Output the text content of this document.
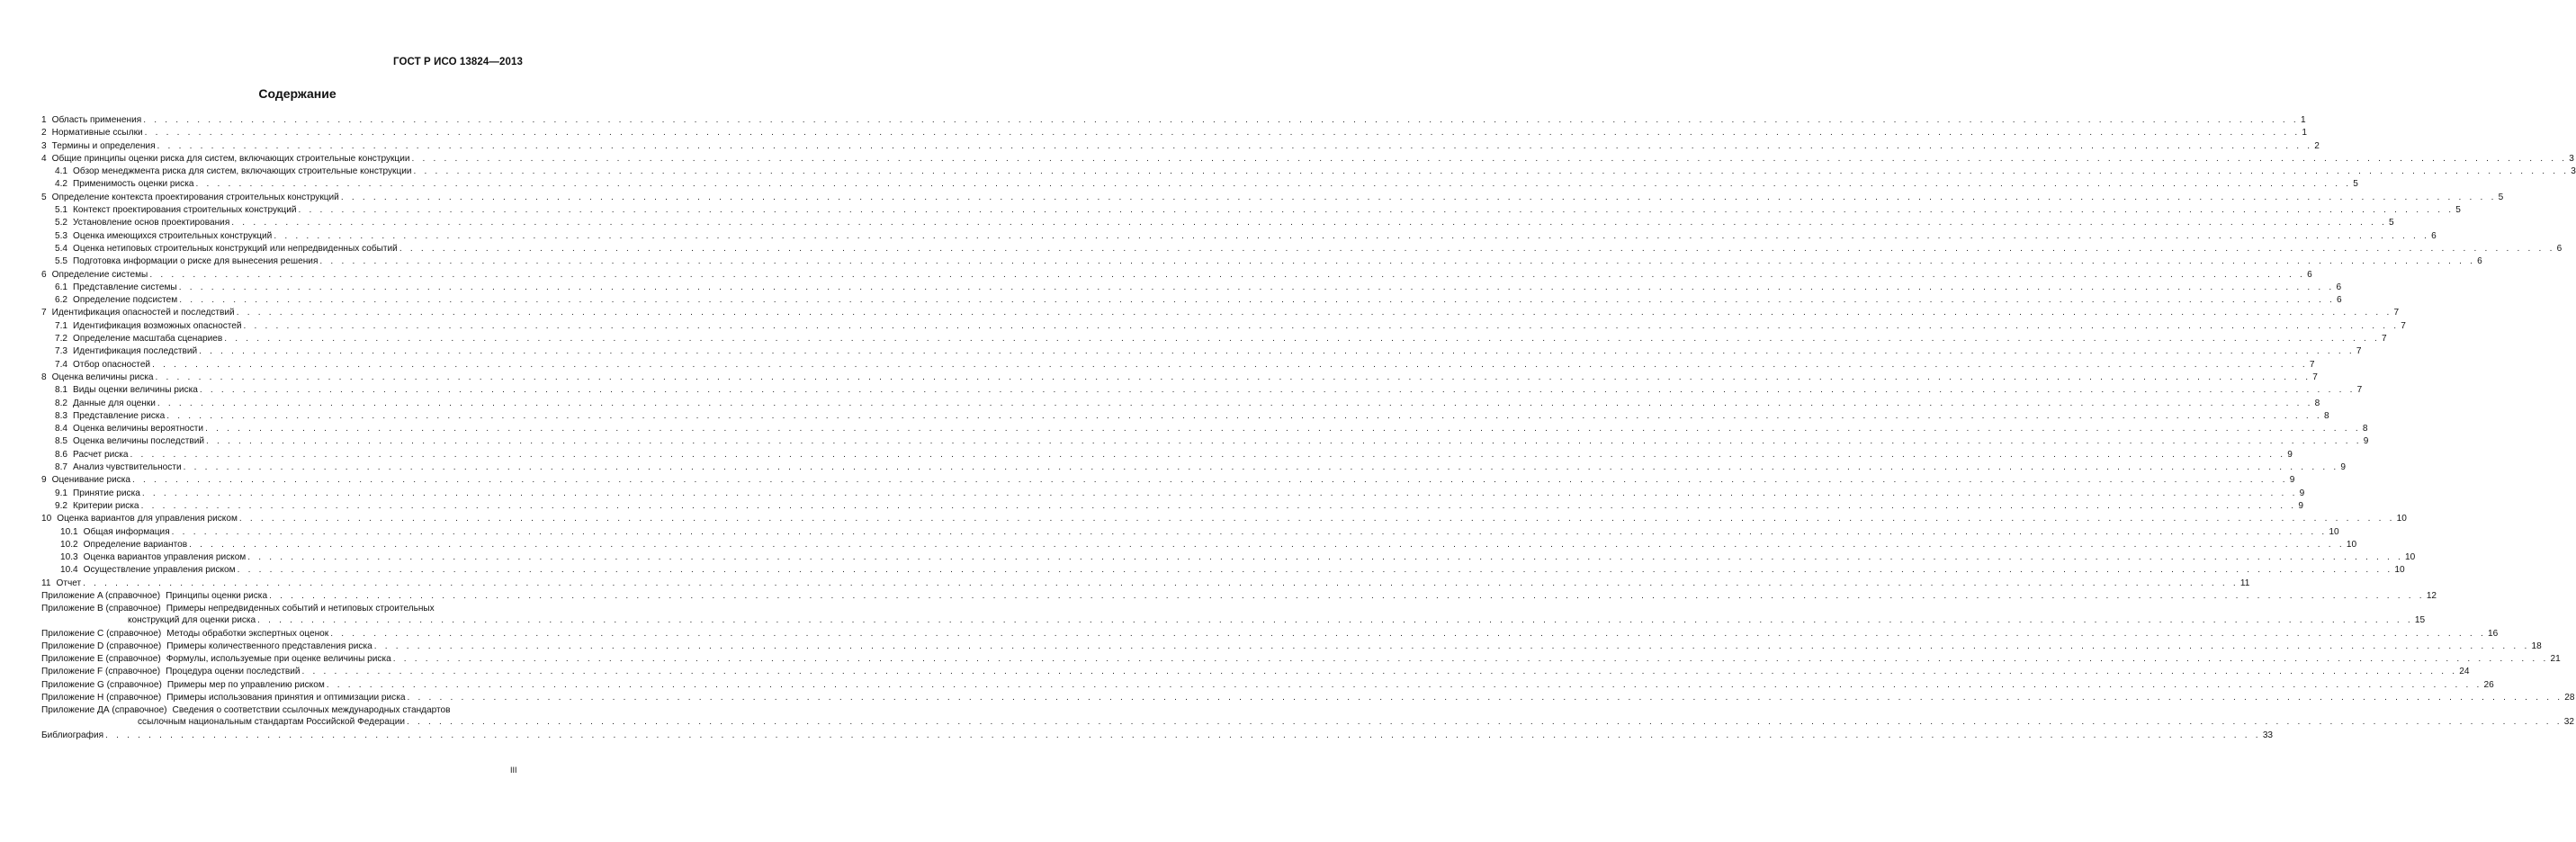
ГОСТ Р ИСО 13824—2013
Содержание
1 Область применения . . . . . . . . . . . . . . . . . . . . . . . . . . . . . . . . . . . . . . . . . . . . . . . . . . . . . . . . . . . . . . . . . . . . . . . . . . . . . . . . . . . . . . . . . . . . . . . . . . . . . . . . . . . . . . . . . . . . . . . . . . . . . . . . . . . . . . . . . . . . . . . . . . . . . . . . . . . . . . . . . . . . . . . . . . . . . . . . . . . . . . . . . . . . . . . . . . . . . . . . 1
2 Нормативные ссылки . . . . . . . . . . . . . . . . . . . . . . . . . . . . . . . . . . . . . . . . . . . . . . . . . . . . . . . . . . . . . . . . . . . . . . . . . . . . . . . . . . . . . . . . . . . . . . . . . . . . . . . . . . . . . . . . . . . . . . . . . . . . . . . . . . . . . . . . . . . . . . . . . . . . . . . . . . . . . . . . . . . . . . . . . . . . . . . . . . . . . . . . . . . . . . . . . . . . . . . . 1
3 Термины и определения . . . . . . . . . . . . . . . . . . . . . . . . . . . . . . . . . . . . . . . . . . . . . . . . . . . . . . . . . . . . . . . . . . . . . . . . . . . . . . . . . . . . . . . . . . . . . . . . . . . . . . . . . . . . . . . . . . . . . . . . . . . . . . . . . . . . . . . . . . . . . . . . . . . . . . . . . . . . . . . . . . . . . . . . . . . . . . . . . . . . . . . . . . . . . . . . . . . . . . . . 2
4 Общие принципы оценки риска для систем, включающих строительные конструкции . . . . . . . . . . . . . . . . . . . . . . . . . . . . . . . . . . . . . . . . . . . . . . . . . . . . . . . . . . . . . . . . . . . . . . . . . . . . . . . . . . . . . . . . . . . . . . . . . . . . . . . . . . . . . . . . . . . . . . . . . . . . . . . . . . . . . . . . . . . . . . . . . . . . . . . . . . . . . . . . . . . . . . . . . . . . . . . . . . . . . . . . . . . . . . . . . . . . . . . . 3
4.1 Обзор менеджмента риска для систем, включающих строительные конструкции . . . . . . . . . . . . . . . . . . . . . . . . . . . . . . . . . . . . . . . . . . . . . . . . . . . . . . . . . . . . . . . . . . . . . . . . . . . . . . . . . . . . . . . . . . . . . . . . . . . . . . . . . . . . . . . . . . . . . . . . . . . . . . . . . . . . . . . . . . . . . . . . . . . . . . . . . . . . . . . . . . . . . . . . . . . . . . . . . . . . . . . . . . . . . . . . . . . . . . . . 3
4.2 Применимость оценки риска . . . . . . . . . . . . . . . . . . . . . . . . . . . . . . . . . . . . . . . . . . . . . . . . . . . . . . . . . . . . . . . . . . . . . . . . . . . . . . . . . . . . . . . . . . . . . . . . . . . . . . . . . . . . . . . . . . . . . . . . . . . . . . . . . . . . . . . . . . . . . . . . . . . . . . . . . . . . . . . . . . . . . . . . . . . . . . . . . . . . . . . . . . . . . . . . . . . . . . . . 5
5 Определение контекста проектирования строительных конструкций . . . . . . . . . . . . . . . . . . . . . . . . . . . . . . . . . . . . . . . . . . . . . . . . . . . . . . . . . . . . . . . . . . . . . . . . . . . . . . . . . . . . . . . . . . . . . . . . . . . . . . . . . . . . . . . . . . . . . . . . . . . . . . . . . . . . . . . . . . . . . . . . . . . . . . . . . . . . . . . . . . . . . . . . . . . . . . . . . . . . . . . . . . . . . . . . . . . . . . . . 5
5.1 Контекст проектирования строительных конструкций . . . . . . . . . . . . . . . . . . . . . . . . . . . . . . . . . . . . . . . . . . . . . . . . . . . . . . . . . . . . . . . . . . . . . . . . . . . . . . . . . . . . . . . . . . . . . . . . . . . . . . . . . . . . . . . . . . . . . . . . . . . . . . . . . . . . . . . . . . . . . . . . . . . . . . . . . . . . . . . . . . . . . . . . . . . . . . . . . . . . . . . . . . . . . . . . . . . . . . . . 5
5.2 Установление основ проектирования . . . . . . . . . . . . . . . . . . . . . . . . . . . . . . . . . . . . . . . . . . . . . . . . . . . . . . . . . . . . . . . . . . . . . . . . . . . . . . . . . . . . . . . . . . . . . . . . . . . . . . . . . . . . . . . . . . . . . . . . . . . . . . . . . . . . . . . . . . . . . . . . . . . . . . . . . . . . . . . . . . . . . . . . . . . . . . . . . . . . . . . . . . . . . . . . . . . . . . . . 5
5.3 Оценка имеющихся строительных конструкций . . . . . . . . . . . . . . . . . . . . . . . . . . . . . . . . . . . . . . . . . . . . . . . . . . . . . . . . . . . . . . . . . . . . . . . . . . . . . . . . . . . . . . . . . . . . . . . . . . . . . . . . . . . . . . . . . . . . . . . . . . . . . . . . . . . . . . . . . . . . . . . . . . . . . . . . . . . . . . . . . . . . . . . . . . . . . . . . . . . . . . . . . . . . . . . . . . . . . . . . 6
5.4 Оценка нетиповых строительных конструкций или непредвиденных событий . . . . . . . . . . . . . . . . . . . . . . . . . . . . . . . . . . . . . . . . . . . . . . . . . . . . . . . . . . . . . . . . . . . . . . . . . . . . . . . . . . . . . . . . . . . . . . . . . . . . . . . . . . . . . . . . . . . . . . . . . . . . . . . . . . . . . . . . . . . . . . . . . . . . . . . . . . . . . . . . . . . . . . . . . . . . . . . . . . . . . . . . . . . . . . . . . . . . . . . . 6
5.5 Подготовка информации о риске для вынесения решения . . . . . . . . . . . . . . . . . . . . . . . . . . . . . . . . . . . . . . . . . . . . . . . . . . . . . . . . . . . . . . . . . . . . . . . . . . . . . . . . . . . . . . . . . . . . . . . . . . . . . . . . . . . . . . . . . . . . . . . . . . . . . . . . . . . . . . . . . . . . . . . . . . . . . . . . . . . . . . . . . . . . . . . . . . . . . . . . . . . . . . . . . . . . . . . . . . . . . . . . 6
6 Определение системы . . . . . . . . . . . . . . . . . . . . . . . . . . . . . . . . . . . . . . . . . . . . . . . . . . . . . . . . . . . . . . . . . . . . . . . . . . . . . . . . . . . . . . . . . . . . . . . . . . . . . . . . . . . . . . . . . . . . . . . . . . . . . . . . . . . . . . . . . . . . . . . . . . . . . . . . . . . . . . . . . . . . . . . . . . . . . . . . . . . . . . . . . . . . . . . . . . . . . . . . 6
6.1 Представление системы . . . . . . . . . . . . . . . . . . . . . . . . . . . . . . . . . . . . . . . . . . . . . . . . . . . . . . . . . . . . . . . . . . . . . . . . . . . . . . . . . . . . . . . . . . . . . . . . . . . . . . . . . . . . . . . . . . . . . . . . . . . . . . . . . . . . . . . . . . . . . . . . . . . . . . . . . . . . . . . . . . . . . . . . . . . . . . . . . . . . . . . . . . . . . . . . . . . . . . . . 6
6.2 Определение подсистем . . . . . . . . . . . . . . . . . . . . . . . . . . . . . . . . . . . . . . . . . . . . . . . . . . . . . . . . . . . . . . . . . . . . . . . . . . . . . . . . . . . . . . . . . . . . . . . . . . . . . . . . . . . . . . . . . . . . . . . . . . . . . . . . . . . . . . . . . . . . . . . . . . . . . . . . . . . . . . . . . . . . . . . . . . . . . . . . . . . . . . . . . . . . . . . . . . . . . . . . 6
7 Идентификация опасностей и последствий . . . . . . . . . . . . . . . . . . . . . . . . . . . . . . . . . . . . . . . . . . . . . . . . . . . . . . . . . . . . . . . . . . . . . . . . . . . . . . . . . . . . . . . . . . . . . . . . . . . . . . . . . . . . . . . . . . . . . . . . . . . . . . . . . . . . . . . . . . . . . . . . . . . . . . . . . . . . . . . . . . . . . . . . . . . . . . . . . . . . . . . . . . . . . . . . . . . . . . . . 7
7.1 Идентификация возможных опасностей . . . . . . . . . . . . . . . . . . . . . . . . . . . . . . . . . . . . . . . . . . . . . . . . . . . . . . . . . . . . . . . . . . . . . . . . . . . . . . . . . . . . . . . . . . . . . . . . . . . . . . . . . . . . . . . . . . . . . . . . . . . . . . . . . . . . . . . . . . . . . . . . . . . . . . . . . . . . . . . . . . . . . . . . . . . . . . . . . . . . . . . . . . . . . . . . . . . . . . . . 7
7.2 Определение масштаба сценариев . . . . . . . . . . . . . . . . . . . . . . . . . . . . . . . . . . . . . . . . . . . . . . . . . . . . . . . . . . . . . . . . . . . . . . . . . . . . . . . . . . . . . . . . . . . . . . . . . . . . . . . . . . . . . . . . . . . . . . . . . . . . . . . . . . . . . . . . . . . . . . . . . . . . . . . . . . . . . . . . . . . . . . . . . . . . . . . . . . . . . . . . . . . . . . . . . . . . . . . . 7
7.3 Идентификация последствий . . . . . . . . . . . . . . . . . . . . . . . . . . . . . . . . . . . . . . . . . . . . . . . . . . . . . . . . . . . . . . . . . . . . . . . . . . . . . . . . . . . . . . . . . . . . . . . . . . . . . . . . . . . . . . . . . . . . . . . . . . . . . . . . . . . . . . . . . . . . . . . . . . . . . . . . . . . . . . . . . . . . . . . . . . . . . . . . . . . . . . . . . . . . . . . . . . . . . . . . 7
7.4 Отбор опасностей . . . . . . . . . . . . . . . . . . . . . . . . . . . . . . . . . . . . . . . . . . . . . . . . . . . . . . . . . . . . . . . . . . . . . . . . . . . . . . . . . . . . . . . . . . . . . . . . . . . . . . . . . . . . . . . . . . . . . . . . . . . . . . . . . . . . . . . . . . . . . . . . . . . . . . . . . . . . . . . . . . . . . . . . . . . . . . . . . . . . . . . . . . . . . . . . . . . . . . . . 7
8 Оценка величины риска . . . . . . . . . . . . . . . . . . . . . . . . . . . . . . . . . . . . . . . . . . . . . . . . . . . . . . . . . . . . . . . . . . . . . . . . . . . . . . . . . . . . . . . . . . . . . . . . . . . . . . . . . . . . . . . . . . . . . . . . . . . . . . . . . . . . . . . . . . . . . . . . . . . . . . . . . . . . . . . . . . . . . . . . . . . . . . . . . . . . . . . . . . . . . . . . . . . . . . . . 7
8.1 Виды оценки величины риска . . . . . . . . . . . . . . . . . . . . . . . . . . . . . . . . . . . . . . . . . . . . . . . . . . . . . . . . . . . . . . . . . . . . . . . . . . . . . . . . . . . . . . . . . . . . . . . . . . . . . . . . . . . . . . . . . . . . . . . . . . . . . . . . . . . . . . . . . . . . . . . . . . . . . . . . . . . . . . . . . . . . . . . . . . . . . . . . . . . . . . . . . . . . . . . . . . . . . . . . 7
8.2 Данные для оценки . . . . . . . . . . . . . . . . . . . . . . . . . . . . . . . . . . . . . . . . . . . . . . . . . . . . . . . . . . . . . . . . . . . . . . . . . . . . . . . . . . . . . . . . . . . . . . . . . . . . . . . . . . . . . . . . . . . . . . . . . . . . . . . . . . . . . . . . . . . . . . . . . . . . . . . . . . . . . . . . . . . . . . . . . . . . . . . . . . . . . . . . . . . . . . . . . . . . . . . . 8
8.3 Представление риска . . . . . . . . . . . . . . . . . . . . . . . . . . . . . . . . . . . . . . . . . . . . . . . . . . . . . . . . . . . . . . . . . . . . . . . . . . . . . . . . . . . . . . . . . . . . . . . . . . . . . . . . . . . . . . . . . . . . . . . . . . . . . . . . . . . . . . . . . . . . . . . . . . . . . . . . . . . . . . . . . . . . . . . . . . . . . . . . . . . . . . . . . . . . . . . . . . . . . . . . 8
8.4 Оценка величины вероятности . . . . . . . . . . . . . . . . . . . . . . . . . . . . . . . . . . . . . . . . . . . . . . . . . . . . . . . . . . . . . . . . . . . . . . . . . . . . . . . . . . . . . . . . . . . . . . . . . . . . . . . . . . . . . . . . . . . . . . . . . . . . . . . . . . . . . . . . . . . . . . . . . . . . . . . . . . . . . . . . . . . . . . . . . . . . . . . . . . . . . . . . . . . . . . . . . . . . . . . . 8
8.5 Оценка величины последствий . . . . . . . . . . . . . . . . . . . . . . . . . . . . . . . . . . . . . . . . . . . . . . . . . . . . . . . . . . . . . . . . . . . . . . . . . . . . . . . . . . . . . . . . . . . . . . . . . . . . . . . . . . . . . . . . . . . . . . . . . . . . . . . . . . . . . . . . . . . . . . . . . . . . . . . . . . . . . . . . . . . . . . . . . . . . . . . . . . . . . . . . . . . . . . . . . . . . . . . . 9
8.6 Расчет риска . . . . . . . . . . . . . . . . . . . . . . . . . . . . . . . . . . . . . . . . . . . . . . . . . . . . . . . . . . . . . . . . . . . . . . . . . . . . . . . . . . . . . . . . . . . . . . . . . . . . . . . . . . . . . . . . . . . . . . . . . . . . . . . . . . . . . . . . . . . . . . . . . . . . . . . . . . . . . . . . . . . . . . . . . . . . . . . . . . . . . . . . . . . . . . . . . . . . . . . . 9
8.7 Анализ чувствительности . . . . . . . . . . . . . . . . . . . . . . . . . . . . . . . . . . . . . . . . . . . . . . . . . . . . . . . . . . . . . . . . . . . . . . . . . . . . . . . . . . . . . . . . . . . . . . . . . . . . . . . . . . . . . . . . . . . . . . . . . . . . . . . . . . . . . . . . . . . . . . . . . . . . . . . . . . . . . . . . . . . . . . . . . . . . . . . . . . . . . . . . . . . . . . . . . . . . . . . . 9
9 Оценивание риска . . . . . . . . . . . . . . . . . . . . . . . . . . . . . . . . . . . . . . . . . . . . . . . . . . . . . . . . . . . . . . . . . . . . . . . . . . . . . . . . . . . . . . . . . . . . . . . . . . . . . . . . . . . . . . . . . . . . . . . . . . . . . . . . . . . . . . . . . . . . . . . . . . . . . . . . . . . . . . . . . . . . . . . . . . . . . . . . . . . . . . . . . . . . . . . . . . . . . . . . 9
9.1 Принятие риска . . . . . . . . . . . . . . . . . . . . . . . . . . . . . . . . . . . . . . . . . . . . . . . . . . . . . . . . . . . . . . . . . . . . . . . . . . . . . . . . . . . . . . . . . . . . . . . . . . . . . . . . . . . . . . . . . . . . . . . . . . . . . . . . . . . . . . . . . . . . . . . . . . . . . . . . . . . . . . . . . . . . . . . . . . . . . . . . . . . . . . . . . . . . . . . . . . . . . . . . 9
9.2 Критерии риска . . . . . . . . . . . . . . . . . . . . . . . . . . . . . . . . . . . . . . . . . . . . . . . . . . . . . . . . . . . . . . . . . . . . . . . . . . . . . . . . . . . . . . . . . . . . . . . . . . . . . . . . . . . . . . . . . . . . . . . . . . . . . . . . . . . . . . . . . . . . . . . . . . . . . . . . . . . . . . . . . . . . . . . . . . . . . . . . . . . . . . . . . . . . . . . . . . . . . . . . 9
10 Оценка вариантов для управления риском . . . . . . . . . . . . . . . . . . . . . . . . . . . . . . . . . . . . . . . . . . . . . . . . . . . . . . . . . . . . . . . . . . . . . . . . . . . . . . . . . . . . . . . . . . . . . . . . . . . . . . . . . . . . . . . . . . . . . . . . . . . . . . . . . . . . . . . . . . . . . . . . . . . . . . . . . . . . . . . . . . . . . . . . . . . . . . . . . . . . . . . . . . . . . . . . . . . . . . . . 10
10.1 Общая информация . . . . . . . . . . . . . . . . . . . . . . . . . . . . . . . . . . . . . . . . . . . . . . . . . . . . . . . . . . . . . . . . . . . . . . . . . . . . . . . . . . . . . . . . . . . . . . . . . . . . . . . . . . . . . . . . . . . . . . . . . . . . . . . . . . . . . . . . . . . . . . . . . . . . . . . . . . . . . . . . . . . . . . . . . . . . . . . . . . . . . . . . . . . . . . . . . . . . . . . . 10
10.2 Определение вариантов . . . . . . . . . . . . . . . . . . . . . . . . . . . . . . . . . . . . . . . . . . . . . . . . . . . . . . . . . . . . . . . . . . . . . . . . . . . . . . . . . . . . . . . . . . . . . . . . . . . . . . . . . . . . . . . . . . . . . . . . . . . . . . . . . . . . . . . . . . . . . . . . . . . . . . . . . . . . . . . . . . . . . . . . . . . . . . . . . . . . . . . . . . . . . . . . . . . . . . . . 10
10.3 Оценка вариантов управления риском . . . . . . . . . . . . . . . . . . . . . . . . . . . . . . . . . . . . . . . . . . . . . . . . . . . . . . . . . . . . . . . . . . . . . . . . . . . . . . . . . . . . . . . . . . . . . . . . . . . . . . . . . . . . . . . . . . . . . . . . . . . . . . . . . . . . . . . . . . . . . . . . . . . . . . . . . . . . . . . . . . . . . . . . . . . . . . . . . . . . . . . . . . . . . . . . . . . . . . . . 10
10.4 Осуществление управления риском . . . . . . . . . . . . . . . . . . . . . . . . . . . . . . . . . . . . . . . . . . . . . . . . . . . . . . . . . . . . . . . . . . . . . . . . . . . . . . . . . . . . . . . . . . . . . . . . . . . . . . . . . . . . . . . . . . . . . . . . . . . . . . . . . . . . . . . . . . . . . . . . . . . . . . . . . . . . . . . . . . . . . . . . . . . . . . . . . . . . . . . . . . . . . . . . . . . . . . . . 10
11 Отчет . . . . . . . . . . . . . . . . . . . . . . . . . . . . . . . . . . . . . . . . . . . . . . . . . . . . . . . . . . . . . . . . . . . . . . . . . . . . . . . . . . . . . . . . . . . . . . . . . . . . . . . . . . . . . . . . . . . . . . . . . . . . . . . . . . . . . . . . . . . . . . . . . . . . . . . . . . . . . . . . . . . . . . . . . . . . . . . . . . . . . . . . . . . . . . . . . . . . . . . . 11
Приложение A (справочное) Принципы оценки риска . . . . . . . . . . . . . . . . . . . . . . . . . . . . . . . . . . . . . . . . . . . . . . . . . . . . . . . . . . . . . . . . . . . . . . . . . . . . . . . . . . . . . . . . . . . . . . . . . . . . . . . . . . . . . . . . . . . . . . . . . . . . . . . . . . . . . . . . . . . . . . . . . . . . . . . . . . . . . . . . . . . . . . . . . . . . . . . . . . . . . . . . . . . . . . . . . . . . . . . . 12
Приложение B (справочное) Примеры непредвиденных событий и нетиповых строительных
конструкций для оценки риска . . . . . . . . . . . . . . . . . . . . . . . . . . . . . . . . . . . . . . . . . . . . . . . . . . . . . . . . . . . . . . . . . . . . . . . . . . . . . . . . . . . . . . . . . . . . . . . . . . . . . . . . . . . . . . . . . . . . . . . . . . . . . . . . . . . . . . . . . . . . . . . . . . . . . . . . . . . . . . . . . . . . . . . . . . . . . . . . . . . . . . . . . . . . . . . . . . . . . . . . 15
Приложение C (справочное) Методы обработки экспертных оценок . . . . . . . . . . . . . . . . . . . . . . . . . . . . . . . . . . . . . . . . . . . . . . . . . . . . . . . . . . . . . . . . . . . . . . . . . . . . . . . . . . . . . . . . . . . . . . . . . . . . . . . . . . . . . . . . . . . . . . . . . . . . . . . . . . . . . . . . . . . . . . . . . . . . . . . . . . . . . . . . . . . . . . . . . . . . . . . . . . . . . . . . . . . . . . . . . . . . . . . . 16
Приложение D (справочное) Примеры количественного представления риска . . . . . . . . . . . . . . . . . . . . . . . . . . . . . . . . . . . . . . . . . . . . . . . . . . . . . . . . . . . . . . . . . . . . . . . . . . . . . . . . . . . . . . . . . . . . . . . . . . . . . . . . . . . . . . . . . . . . . . . . . . . . . . . . . . . . . . . . . . . . . . . . . . . . . . . . . . . . . . . . . . . . . . . . . . . . . . . . . . . . . . . . . . . . . . . . . . . . . . . . 18
Приложение E (справочное) Формулы, используемые при оценке величины риска . . . . . . . . . . . . . . . . . . . . . . . . . . . . . . . . . . . . . . . . . . . . . . . . . . . . . . . . . . . . . . . . . . . . . . . . . . . . . . . . . . . . . . . . . . . . . . . . . . . . . . . . . . . . . . . . . . . . . . . . . . . . . . . . . . . . . . . . . . . . . . . . . . . . . . . . . . . . . . . . . . . . . . . . . . . . . . . . . . . . . . . . . . . . . . . . . . . . . . . . 21
Приложение F (справочное) Процедура оценки последствий . . . . . . . . . . . . . . . . . . . . . . . . . . . . . . . . . . . . . . . . . . . . . . . . . . . . . . . . . . . . . . . . . . . . . . . . . . . . . . . . . . . . . . . . . . . . . . . . . . . . . . . . . . . . . . . . . . . . . . . . . . . . . . . . . . . . . . . . . . . . . . . . . . . . . . . . . . . . . . . . . . . . . . . . . . . . . . . . . . . . . . . . . . . . . . . . . . . . . . . . 24
Приложение G (справочное) Примеры мер по управлению риском . . . . . . . . . . . . . . . . . . . . . . . . . . . . . . . . . . . . . . . . . . . . . . . . . . . . . . . . . . . . . . . . . . . . . . . . . . . . . . . . . . . . . . . . . . . . . . . . . . . . . . . . . . . . . . . . . . . . . . . . . . . . . . . . . . . . . . . . . . . . . . . . . . . . . . . . . . . . . . . . . . . . . . . . . . . . . . . . . . . . . . . . . . . . . . . . . . . . . . . . 26
Приложение H (справочное) Примеры использования принятия и оптимизации риска . . . . . . . . . . . . . . . . . . . . . . . . . . . . . . . . . . . . . . . . . . . . . . . . . . . . . . . . . . . . . . . . . . . . . . . . . . . . . . . . . . . . . . . . . . . . . . . . . . . . . . . . . . . . . . . . . . . . . . . . . . . . . . . . . . . . . . . . . . . . . . . . . . . . . . . . . . . . . . . . . . . . . . . . . . . . . . . . . . . . . . . . . . . . . . . . . . . . . . . . 28
Приложение ДА (справочное) Сведения о соответствии ссылочных международных стандартов
ссылочным национальным стандартам Российской Федерации . . . . . . . . . . . . . . . . . . . . . . . . . . . . . . . . . . . . . . . . . . . . . . . . . . . . . . . . . . . . . . . . . . . . . . . . . . . . . . . . . . . . . . . . . . . . . . . . . . . . . . . . . . . . . . . . . . . . . . . . . . . . . . . . . . . . . . . . . . . . . . . . . . . . . . . . . . . . . . . . . . . . . . . . . . . . . . . . . . . . . . . . . . . . . . . . . . . . . . . . 32
Библиография . . . . . . . . . . . . . . . . . . . . . . . . . . . . . . . . . . . . . . . . . . . . . . . . . . . . . . . . . . . . . . . . . . . . . . . . . . . . . . . . . . . . . . . . . . . . . . . . . . . . . . . . . . . . . . . . . . . . . . . . . . . . . . . . . . . . . . . . . . . . . . . . . . . . . . . . . . . . . . . . . . . . . . . . . . . . . . . . . . . . . . . . . . . . . . . . . . . . . . . . 33
III
